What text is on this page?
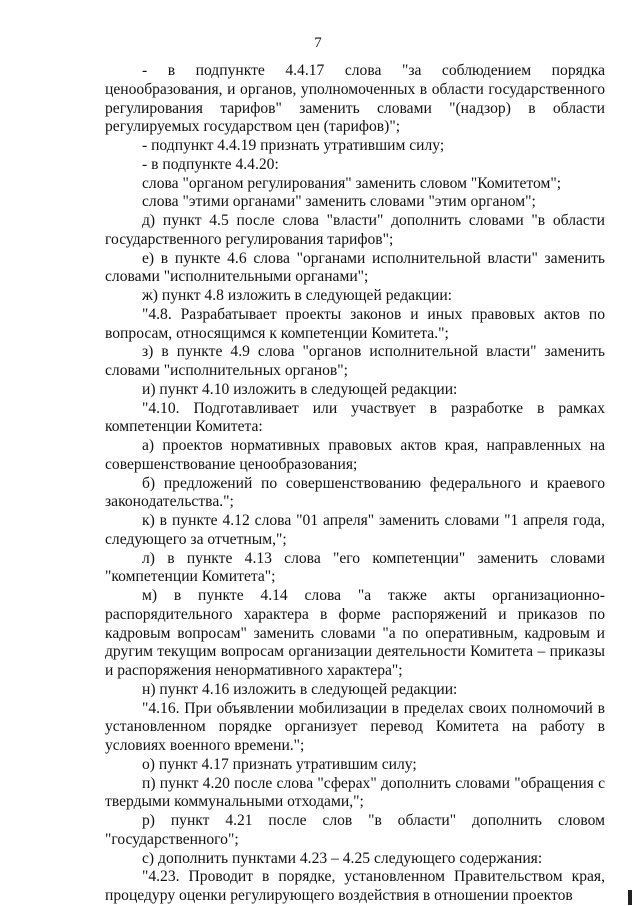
7

- в подпункте 4.4.17 слова "за соблюдением порядка ценообразования, и органов, уполномоченных в области государственного регулирования тарифов" заменить словами "(надзор) в области регулируемых государством цен (тарифов)";

- подпункт 4.4.19 признать утратившим силу;

- в подпункте 4.4.20:

слова "органом регулирования" заменить словом "Комитетом";

слова "этими органами" заменить словами "этим органом";

д) пункт 4.5 после слова "власти" дополнить словами "в области государственного регулирования тарифов";

е) в пункте 4.6 слова "органами исполнительной власти" заменить словами "исполнительными органами";

ж) пункт 4.8 изложить в следующей редакции:

"4.8. Разрабатывает проекты законов и иных правовых актов по вопросам, относящимся к компетенции Комитета.";

з) в пункте 4.9 слова "органов исполнительной власти" заменить словами "исполнительных органов";

и) пункт 4.10 изложить в следующей редакции:

"4.10. Подготавливает или участвует в разработке в рамках компетенции Комитета:

а) проектов нормативных правовых актов края, направленных на совершенствование ценообразования;

б) предложений по совершенствованию федерального и краевого законодательства.";

к) в пункте 4.12 слова "01 апреля" заменить словами "1 апреля года, следующего за отчетным,";

л) в пункте 4.13 слова "его компетенции" заменить словами "компетенции Комитета";

м) в пункте 4.14 слова "а также акты организационно-распорядительного характера в форме распоряжений и приказов по кадровым вопросам" заменить словами "а по оперативным, кадровым и другим текущим вопросам организации деятельности Комитета – приказы и распоряжения ненормативного характера";

н) пункт 4.16 изложить в следующей редакции:

"4.16. При объявлении мобилизации в пределах своих полномочий в установленном порядке организует перевод Комитета на работу в условиях военного времени.";

о) пункт 4.17 признать утратившим силу;

п) пункт 4.20 после слова "сферах" дополнить словами "обращения с твердыми коммунальными отходами,";

р) пункт 4.21 после слов "в области" дополнить словом "государственного";

с) дополнить пунктами 4.23 – 4.25 следующего содержания:

"4.23. Проводит в порядке, установленном Правительством края, процедуру оценки регулирующего воздействия в отношении проектов
